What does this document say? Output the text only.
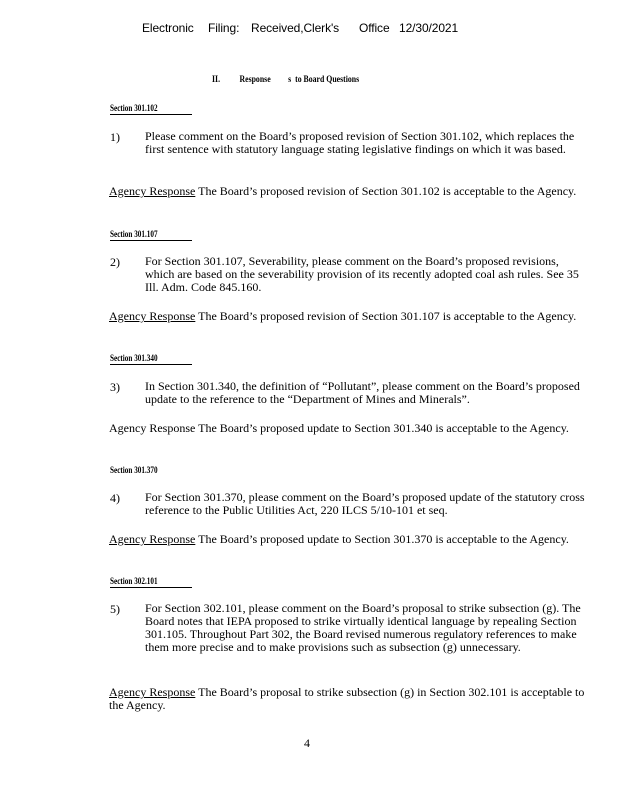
Electronic Filing: Received,Clerk's Office 12/30/2021
II.          Response         s  to Board Questions
Section 301.102
1) Please comment on the Board’s proposed revision of Section 301.102, which replaces the first sentence with statutory language stating legislative findings on which it was based.
Agency Response The Board’s proposed revision of Section 301.102 is acceptable to the Agency.
Section 301.107
2) For Section 301.107, Severability, please comment on the Board’s proposed revisions, which are based on the severability provision of its recently adopted coal ash rules. See 35 Ill. Adm. Code 845.160.
Agency Response The Board’s proposed revision of Section 301.107 is acceptable to the Agency.
Section 301.340
3) In Section 301.340, the definition of “Pollutant”, please comment on the Board’s proposed update to the reference to the “Department of Mines and Minerals”.
Agency Response The Board’s proposed update to Section 301.340 is acceptable to the Agency.
Section 301.370
4) For Section 301.370, please comment on the Board’s proposed update of the statutory cross reference to the Public Utilities Act, 220 ILCS 5/10-101 et seq.
Agency Response The Board’s proposed update to Section 301.370 is acceptable to the Agency.
Section 302.101
5) For Section 302.101, please comment on the Board’s proposal to strike subsection (g). The Board notes that IEPA proposed to strike virtually identical language by repealing Section 301.105. Throughout Part 302, the Board revised numerous regulatory references to make them more precise and to make provisions such as subsection (g) unnecessary.
Agency Response The Board’s proposal to strike subsection (g) in Section 302.101 is acceptable to the Agency.
4
